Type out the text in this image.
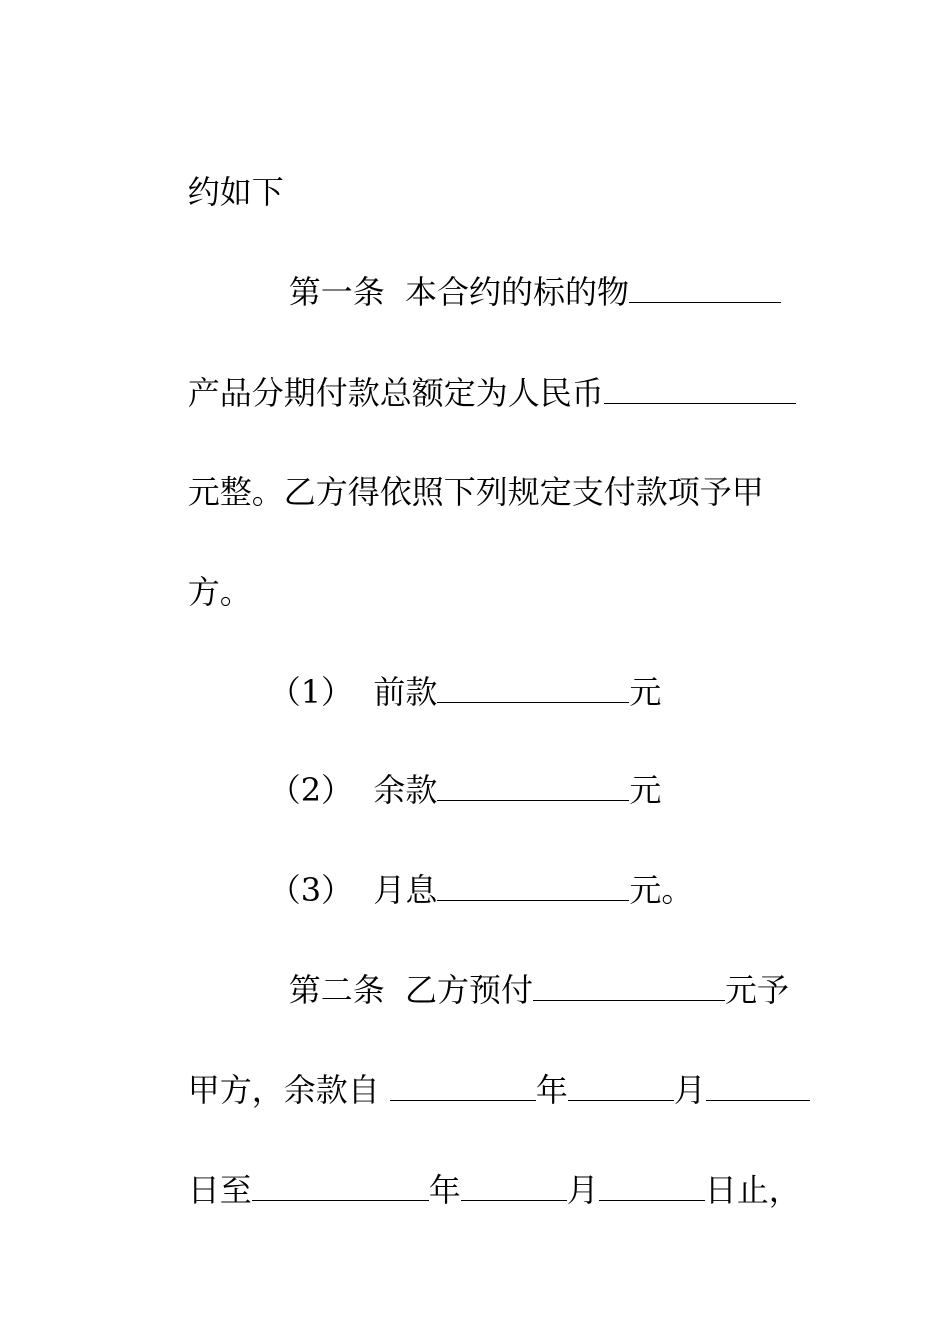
约如下

第一条  本合约的标的物

产品分期付款总额定为人民币

元整。乙方得依照下列规定支付款项予甲

方。

（1）  前款	元

（2）  余款	元

（3）  月息	元。

第二条  乙方预付	元予

甲方，余款自	年	月

日至	年	月	日止，
